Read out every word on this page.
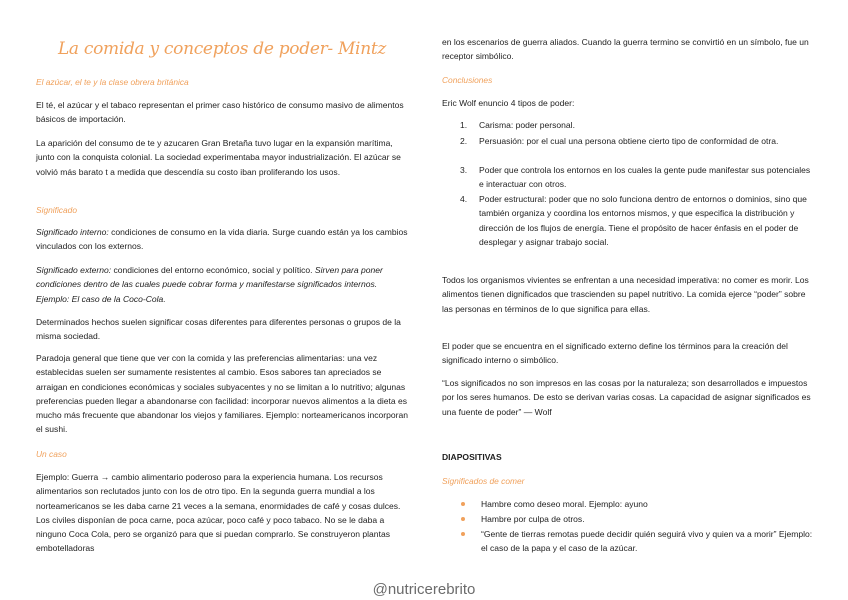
La comida y conceptos de poder- Mintz
El azúcar, el te y la clase obrera británica

El té, el azúcar y el tabaco representan el primer caso histórico de consumo masivo de alimentos básicos de importación.

La aparición del consumo de te y azucaren Gran Bretaña tuvo lugar en la expansión marítima, junto con la conquista colonial. La sociedad experimentaba mayor industrialización. El azúcar se volvió más barato t a medida que descendía su costo iban proliferando los usos.

Significado

Significado interno: condiciones de consumo en la vida diaria. Surge cuando están ya los cambios vinculados con los externos.

Significado externo: condiciones del entorno económico, social y político. Sirven para poner condiciones dentro de las cuales puede cobrar forma y manifestarse significados internos. Ejemplo: El caso de la Coco-Cola.

Determinados hechos suelen significar cosas diferentes para diferentes personas o grupos de la misma sociedad.

Paradoja general que tiene que ver con la comida y las preferencias alimentarias: una vez establecidas suelen ser sumamente resistentes al cambio. Esos sabores tan apreciados se arraigan en condiciones económicas y sociales subyacentes y no se limitan a lo nutritivo; algunas preferencias pueden llegar a abandonarse con facilidad: incorporar nuevos alimentos a la dieta es mucho más frecuente que abandonar los viejos y familiares. Ejemplo: norteamericanos incorporan el sushi.

Un caso

Ejemplo: Guerra → cambio alimentario poderoso para la experiencia humana. Los recursos alimentarios son reclutados junto con los de otro tipo. En la segunda guerra mundial a los norteamericanos se les daba carne 21 veces a la semana, enormidades de café y cosas dulces. Los civiles disponían de poca carne, poca azúcar, poco café y poco tabaco. No se le daba a ninguno Coca Cola, pero se organizó para que si puedan comprarlo. Se construyeron plantas embotelladoras

en los escenarios de guerra aliados. Cuando la guerra termino se convirtió en un símbolo, fue un receptor simbólico.

Conclusiones

Eric Wolf enuncio 4 tipos de poder:

1. Carisma: poder personal.
2. Persuasión: por el cual una persona obtiene cierto tipo de conformidad de otra.
3. Poder que controla los entornos en los cuales la gente pude manifestar sus potenciales e interactuar con otros.
4. Poder estructural: poder que no solo funciona dentro de entornos o dominios, sino que también organiza y coordina los entornos mismos, y que especifica la distribución y dirección de los flujos de energía. Tiene el propósito de hacer énfasis en el poder de desplegar y asignar trabajo social.

Todos los organismos vivientes se enfrentan a una necesidad imperativa: no comer es morir. Los alimentos tienen dignificados que trascienden su papel nutritivo. La comida ejerce “poder” sobre las personas en términos de lo que significa para ellas.

El poder que se encuentra en el significado externo define los términos para la creación del significado interno o simbólico.

“Los significados no son impresos en las cosas por la naturaleza; son desarrollados e impuestos por los seres humanos. De esto se derivan varias cosas. La capacidad de asignar significados es una fuente de poder” — Wolf

DIAPOSITIVAS
Significados de comer
Hambre como deseo moral. Ejemplo: ayuno
Hambre por culpa de otros.
“Gente de tierras remotas puede decidir quién seguirá vivo y quien va a morir” Ejemplo: el caso de la papa y el caso de la azúcar.
@nutricerebrito
